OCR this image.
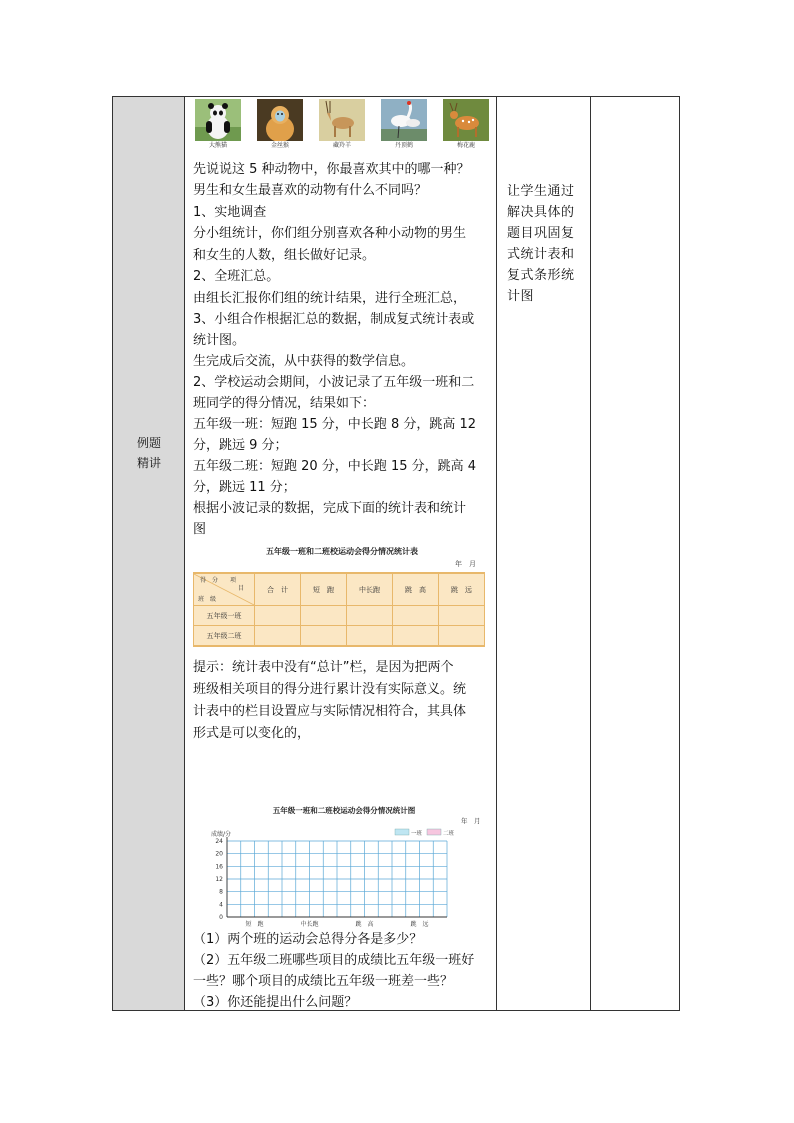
例题
精讲
大熊猫	金丝猴	藏羚羊	丹顶鹤	梅花鹿
先说说这 5 种动物中，你最喜欢其中的哪一种？
男生和女生最喜欢的动物有什么不同吗？
1、实地调查
分小组统计，你们组分别喜欢各种小动物的男生
和女生的人数，组长做好记录。
2、全班汇总。
由组长汇报你们组的统计结果，进行全班汇总，
3、小组合作根据汇总的数据，制成复式统计表或
统计图。
生完成后交流，从中获得的数学信息。
2、学校运动会期间，小波记录了五年级一班和二
班同学的得分情况，结果如下：
五年级一班：短跑 15 分，中长跑 8 分，跳高 12
分，跳远 9 分；
五年级二班：短跑 20 分，中长跑 15 分，跳高 4
分，跳远 11 分；
根据小波记录的数据，完成下面的统计表和统计
图
五年级一班和二班校运动会得分情况统计表
年　月
得　分　　项
目
班　级	合　计	短　跑	中长跑	跳　高	跳　远
五年级一班					
五年级二班					
提示：统计表中没有“总计”栏，是因为把两个
班级相关项目的得分进行累计没有实际意义。统
计表中的栏目设置应与实际情况相符合，其具体
形式是可以变化的，
五年级一班和二班校运动会得分情况统计图
年　月
成绩/分	一班	二班
0
4
8
12
16
20
24
短　跑	中长跑	跳　高	跳　远
（1）两个班的运动会总得分各是多少？
（2）五年级二班哪些项目的成绩比五年级一班好
一些？哪个项目的成绩比五年级一班差一些？
（3）你还能提出什么问题？
让学生通过解决具体的题目巩固复式统计表和复式条形统计图
